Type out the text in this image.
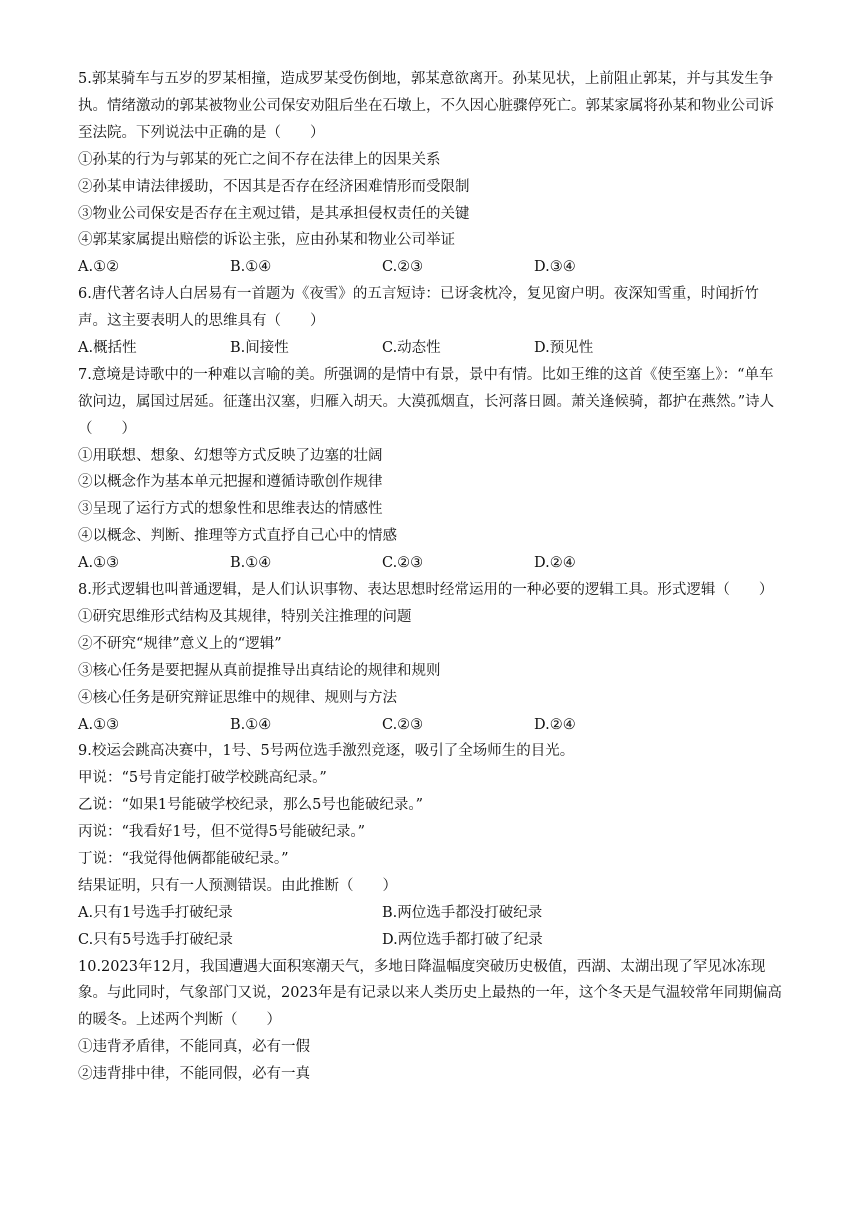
5.郭某骑车与五岁的罗某相撞，造成罗某受伤倒地，郭某意欲离开。孙某见状，上前阻止郭某，并与其发生争执。情绪激动的郭某被物业公司保安劝阻后坐在石墩上，不久因心脏骤停死亡。郭某家属将孙某和物业公司诉至法院。下列说法中正确的是（　　）
①孙某的行为与郭某的死亡之间不存在法律上的因果关系
②孙某申请法律援助，不因其是否存在经济困难情形而受限制
③物业公司保安是否存在主观过错，是其承担侵权责任的关键
④郭某家属提出赔偿的诉讼主张，应由孙某和物业公司举证
A.①②	B.①④	C.②③	D.③④
6.唐代著名诗人白居易有一首题为《夜雪》的五言短诗：已讶衾枕冷，复见窗户明。夜深知雪重，时闻折竹声。这主要表明人的思维具有（　　）
A.概括性	B.间接性	C.动态性	D.预见性
7.意境是诗歌中的一种难以言喻的美。所强调的是情中有景，景中有情。比如王维的这首《使至塞上》：“单车欲问边，属国过居延。征蓬出汉塞，归雁入胡天。大漠孤烟直，长河落日圆。萧关逢候骑，都护在燕然。”诗人（　　）
①用联想、想象、幻想等方式反映了边塞的壮阔
②以概念作为基本单元把握和遵循诗歌创作规律
③呈现了运行方式的想象性和思维表达的情感性
④以概念、判断、推理等方式直抒自己心中的情感
A.①③	B.①④	C.②③	D.②④
8.形式逻辑也叫普通逻辑，是人们认识事物、表达思想时经常运用的一种必要的逻辑工具。形式逻辑（　　）
①研究思维形式结构及其规律，特别关注推理的问题
②不研究“规律”意义上的“逻辑”
③核心任务是要把握从真前提推导出真结论的规律和规则
④核心任务是研究辩证思维中的规律、规则与方法
A.①③	B.①④	C.②③	D.②④
9.校运会跳高决赛中，1号、5号两位选手激烈竞逐，吸引了全场师生的目光。
甲说：“5号肯定能打破学校跳高纪录。”
乙说：“如果1号能破学校纪录，那么5号也能破纪录。”
丙说：“我看好1号，但不觉得5号能破纪录。”
丁说：“我觉得他俩都能破纪录。”
结果证明，只有一人预测错误。由此推断（　　）
A.只有1号选手打破纪录	B.两位选手都没打破纪录
C.只有5号选手打破纪录	D.两位选手都打破了纪录
10.2023年12月，我国遭遇大面积寒潮天气，多地日降温幅度突破历史极值，西湖、太湖出现了罕见冰冻现象。与此同时，气象部门又说，2023年是有记录以来人类历史上最热的一年，这个冬天是气温较常年同期偏高的暖冬。上述两个判断（　　）
①违背矛盾律，不能同真，必有一假
②违背排中律，不能同假，必有一真
